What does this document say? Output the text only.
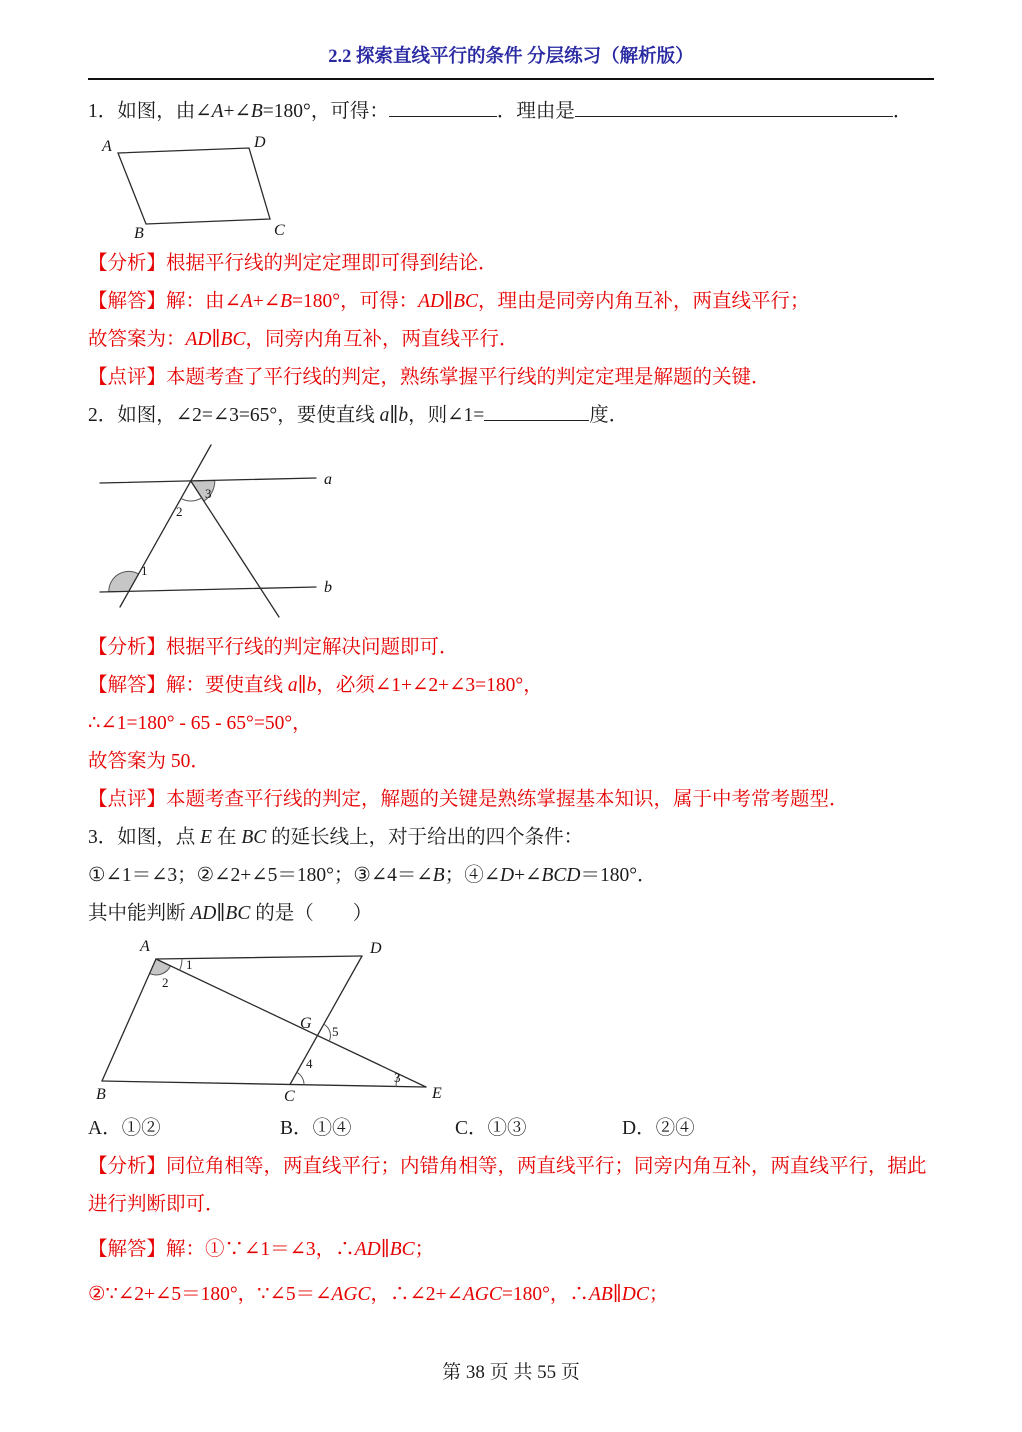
2.2 探索直线平行的条件 分层练习（解析版）
1．如图，由∠A+∠B=180°，可得：	．理由是	．
A	D
B	C
【分析】根据平行线的判定定理即可得到结论．
【解答】解：由∠A+∠B=180°，可得：AD∥BC，理由是同旁内角互补，两直线平行；
故答案为：AD∥BC，同旁内角互补，两直线平行．
【点评】本题考查了平行线的判定，熟练掌握平行线的判定定理是解题的关键．
2．如图，∠2=∠3=65°，要使直线 a∥b，则∠1=	度．
a
b
3
2
1
【分析】根据平行线的判定解决问题即可．
【解答】解：要使直线 a∥b，必须∠1+∠2+∠3=180°，
∴∠1=180° - 65 - 65°=50°，
故答案为 50．
【点评】本题考查平行线的判定，解题的关键是熟练掌握基本知识，属于中考常考题型．
3．如图，点 E 在 BC 的延长线上，对于给出的四个条件：
①∠1＝∠3；②∠2+∠5＝180°；③∠4＝∠B；④∠D+∠BCD＝180°．
其中能判断 AD∥BC 的是（　　）
A	D
B	C	E
G
1
2
5
4
3
A．①②	B．①④	C．①③	D．②④
【分析】同位角相等，两直线平行；内错角相等，两直线平行；同旁内角互补，两直线平行，据此
进行判断即可．
【解答】解：①∵∠1＝∠3，∴AD∥BC；
②∵∠2+∠5＝180°，∵∠5＝∠AGC，∴∠2+∠AGC=180°，∴AB∥DC；
第 38 页 共 55 页
